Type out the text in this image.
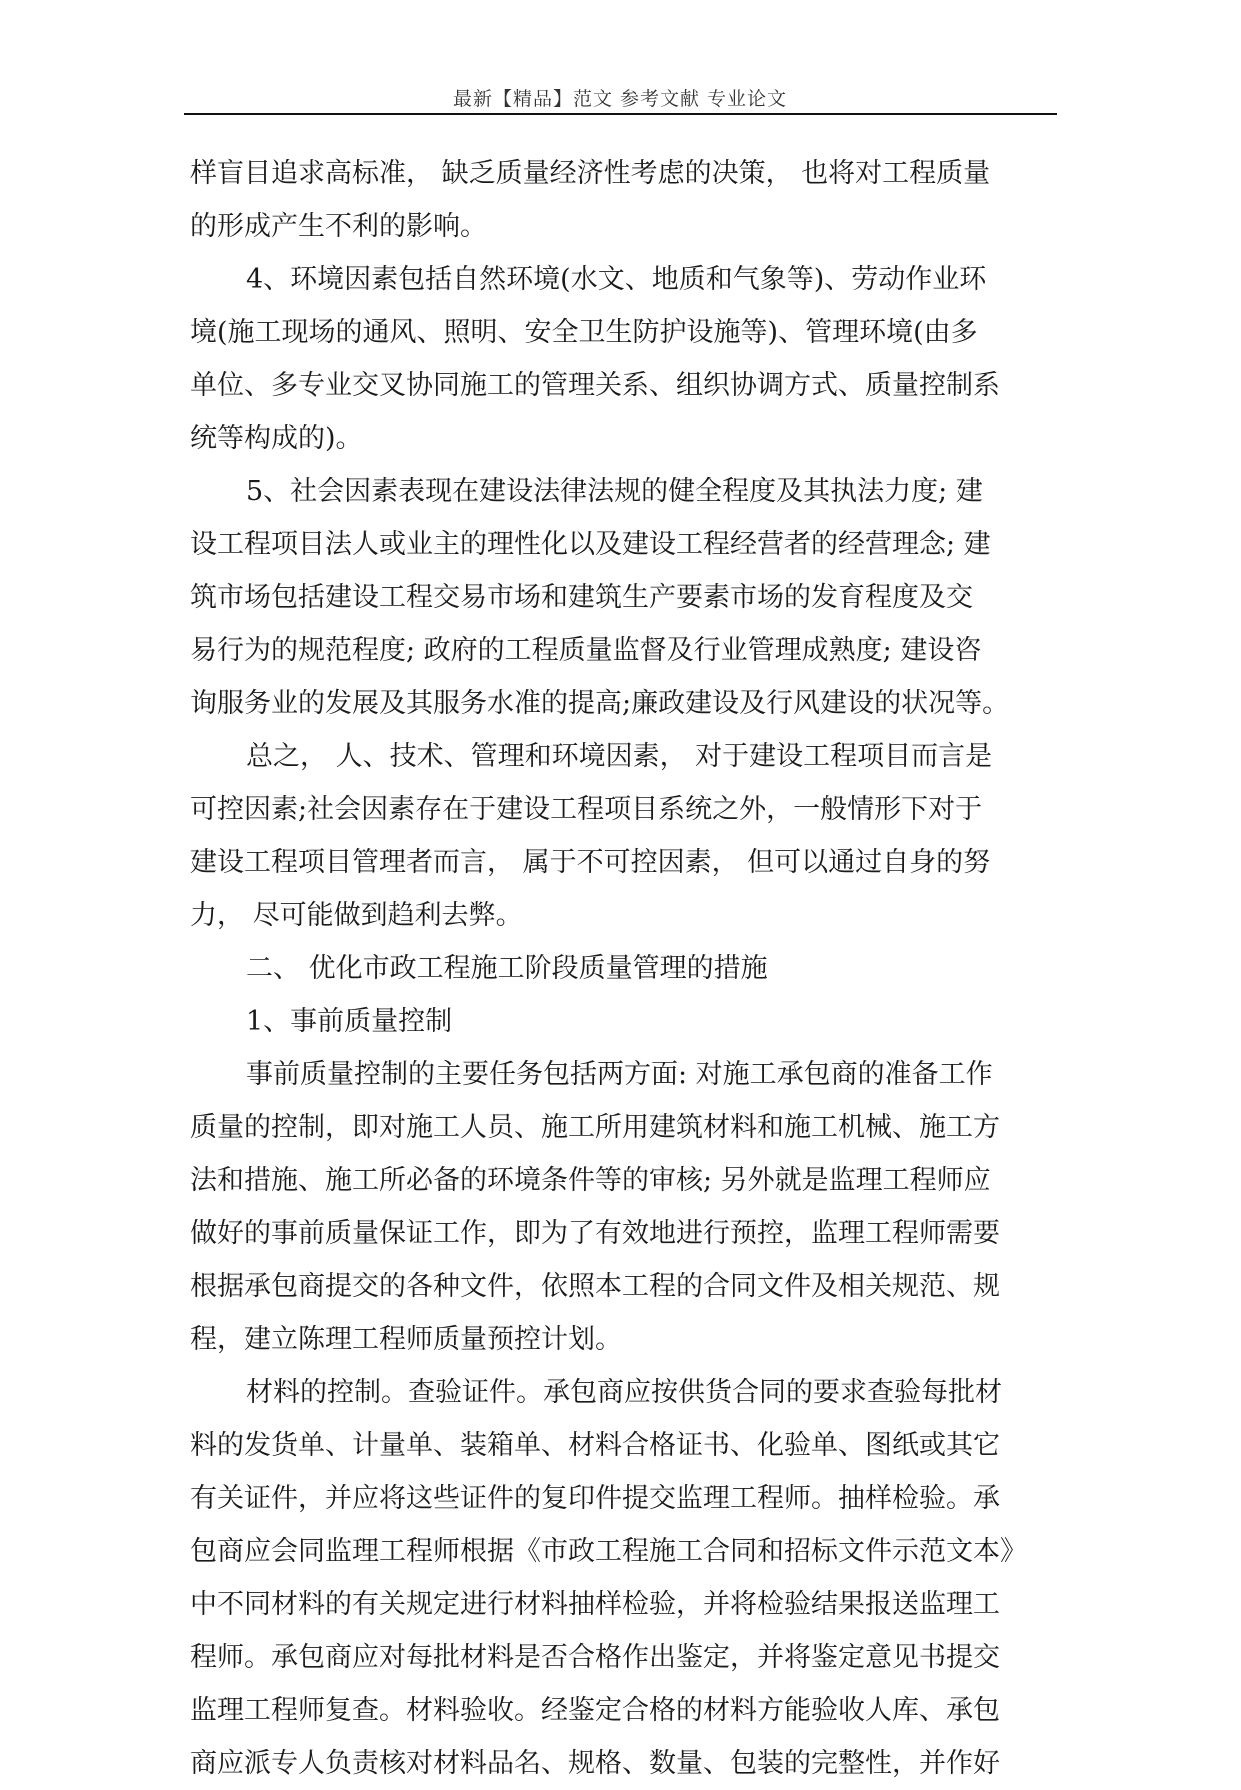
最新【精品】范文 参考文献 专业论文
样盲目追求高标准， 缺乏质量经济性考虑的决策， 也将对工程质量
的形成产生不利的影响。
4、环境因素包括自然环境(水文、地质和气象等)、劳动作业环
境(施工现场的通风、照明、安全卫生防护设施等)、管理环境(由多
单位、多专业交叉协同施工的管理关系、组织协调方式、质量控制系
统等构成的)。
5、社会因素表现在建设法律法规的健全程度及其执法力度; 建
设工程项目法人或业主的理性化以及建设工程经营者的经营理念; 建
筑市场包括建设工程交易市场和建筑生产要素市场的发育程度及交
易行为的规范程度; 政府的工程质量监督及行业管理成熟度; 建设咨
询服务业的发展及其服务水准的提高;廉政建设及行风建设的状况等。
总之， 人、技术、管理和环境因素， 对于建设工程项目而言是
可控因素;社会因素存在于建设工程项目系统之外，一般情形下对于
建设工程项目管理者而言， 属于不可控因素， 但可以通过自身的努
力， 尽可能做到趋利去弊。
二、 优化市政工程施工阶段质量管理的措施
1、事前质量控制
事前质量控制的主要任务包括两方面: 对施工承包商的准备工作
质量的控制，即对施工人员、施工所用建筑材料和施工机械、施工方
法和措施、施工所必备的环境条件等的审核; 另外就是监理工程师应
做好的事前质量保证工作，即为了有效地进行预控，监理工程师需要
根据承包商提交的各种文件，依照本工程的合同文件及相关规范、规
程，建立陈理工程师质量预控计划。
材料的控制。查验证件。承包商应按供货合同的要求查验每批材
料的发货单、计量单、装箱单、材料合格证书、化验单、图纸或其它
有关证件，并应将这些证件的复印件提交监理工程师。抽样检验。承
包商应会同监理工程师根据《市政工程施工合同和招标文件示范文本》
中不同材料的有关规定进行材料抽样检验，并将检验结果报送监理工
程师。承包商应对每批材料是否合格作出鉴定，并将鉴定意见书提交
监理工程师复查。材料验收。经鉴定合格的材料方能验收人库、承包
商应派专人负责核对材料品名、规格、数量、包装的完整性，并作好
